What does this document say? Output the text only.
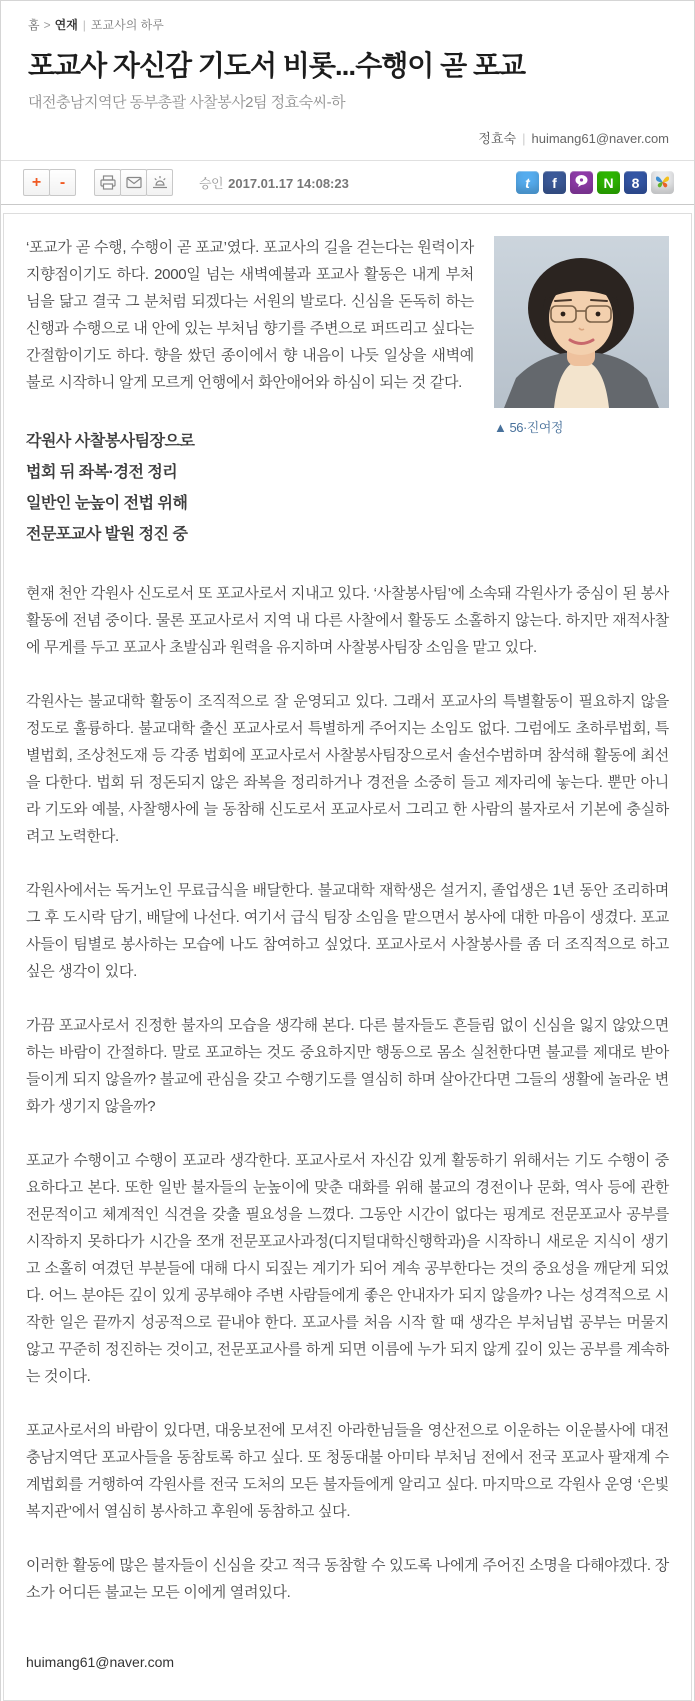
홈 > 연재 | 포교사의 하루
포교사 자신감 기도서 비롯...수행이 곧 포교
대전충남지역단 동부총괄 사찰봉사2팀 정효숙씨-하
정효숙 | huimang61@naver.com
+	-	승인 2017.01.17 14:08:23	t f	N 8
▲ 56·진여정

‘포교가 곧 수행, 수행이 곧 포교’였다. 포교사의 길을 걷는다는 원력이자 지향점이기도 하다. 2000일 넘는 새벽예불과 포교사 활동은 내게 부처님을 닮고 결국 그 분처럼 되겠다는 서원의 발로다. 신심을 돈독히 하는 신행과 수행으로 내 안에 있는 부처님 향기를 주변으로 퍼뜨리고 싶다는 간절함이기도 하다. 향을 쌌던 종이에서 향 내음이 나듯 일상을 새벽예불로 시작하니 알게 모르게 언행에서 화안애어와 하심이 되는 것 같다.

각원사 사찰봉사팀장으로
법회 뒤 좌복·경전 정리
일반인 눈높이 전법 위해
전문포교사 발원 정진 중

현재 천안 각원사 신도로서 또 포교사로서 지내고 있다. ‘사찰봉사팀’에 소속돼 각원사가 중심이 된 봉사활동에 전념 중이다. 물론 포교사로서 지역 내 다른 사찰에서 활동도 소홀하지 않는다. 하지만 재적사찰에 무게를 두고 포교사 초발심과 원력을 유지하며 사찰봉사팀장 소임을 맡고 있다.

각원사는 불교대학 활동이 조직적으로 잘 운영되고 있다. 그래서 포교사의 특별활동이 필요하지 않을 정도로 훌륭하다. 불교대학 출신 포교사로서 특별하게 주어지는 소임도 없다. 그럼에도 초하루법회, 특별법회, 조상천도재 등 각종 법회에 포교사로서 사찰봉사팀장으로서 솔선수범하며 참석해 활동에 최선을 다한다. 법회 뒤 정돈되지 않은 좌복을 정리하거나 경전을 소중히 들고 제자리에 놓는다. 뿐만 아니라 기도와 예불, 사찰행사에 늘 동참해 신도로서 포교사로서 그리고 한 사람의 불자로서 기본에 충실하려고 노력한다.

각원사에서는 독거노인 무료급식을 배달한다. 불교대학 재학생은 설거지, 졸업생은 1년 동안 조리하며 그 후 도시락 담기, 배달에 나선다. 여기서 급식 팀장 소임을 맡으면서 봉사에 대한 마음이 생겼다. 포교사들이 팀별로 봉사하는 모습에 나도 참여하고 싶었다. 포교사로서 사찰봉사를 좀 더 조직적으로 하고 싶은 생각이 있다.

가끔 포교사로서 진정한 불자의 모습을 생각해 본다. 다른 불자들도 흔들림 없이 신심을 잃지 않았으면 하는 바람이 간절하다. 말로 포교하는 것도 중요하지만 행동으로 몸소 실천한다면 불교를 제대로 받아들이게 되지 않을까? 불교에 관심을 갖고 수행기도를 열심히 하며 살아간다면 그들의 생활에 놀라운 변화가 생기지 않을까?

포교가 수행이고 수행이 포교라 생각한다. 포교사로서 자신감 있게 활동하기 위해서는 기도 수행이 중요하다고 본다. 또한 일반 불자들의 눈높이에 맞춘 대화를 위해 불교의 경전이나 문화, 역사 등에 관한 전문적이고 체계적인 식견을 갖출 필요성을 느꼈다. 그동안 시간이 없다는 핑계로 전문포교사 공부를 시작하지 못하다가 시간을 쪼개 전문포교사과정(디지털대학신행학과)을 시작하니 새로운 지식이 생기고 소홀히 여겼던 부분들에 대해 다시 되짚는 계기가 되어 계속 공부한다는 것의 중요성을 깨닫게 되었다. 어느 분야든 깊이 있게 공부해야 주변 사람들에게 좋은 안내자가 되지 않을까? 나는 성격적으로 시작한 일은 끝까지 성공적으로 끝내야 한다. 포교사를 처음 시작 할 때 생각은 부처님법 공부는 머물지 않고 꾸준히 정진하는 것이고, 전문포교사를 하게 되면 이름에 누가 되지 않게 깊이 있는 공부를 계속하는 것이다.

포교사로서의 바람이 있다면, 대웅보전에 모셔진 아라한님들을 영산전으로 이운하는 이운불사에 대전충남지역단 포교사들을 동참토록 하고 싶다. 또 청동대불 아미타 부처님 전에서 전국 포교사 팔재계 수계법회를 거행하여 각원사를 전국 도처의 모든 불자들에게 알리고 싶다. 마지막으로 각원사 운영 ‘은빛복지관’에서 열심히 봉사하고 후원에 동참하고 싶다.

이러한 활동에 많은 불자들이 신심을 갖고 적극 동참할 수 있도록 나에게 주어진 소명을 다해야겠다. 장소가 어디든 불교는 모든 이에게 열려있다.

huimang61@naver.com
